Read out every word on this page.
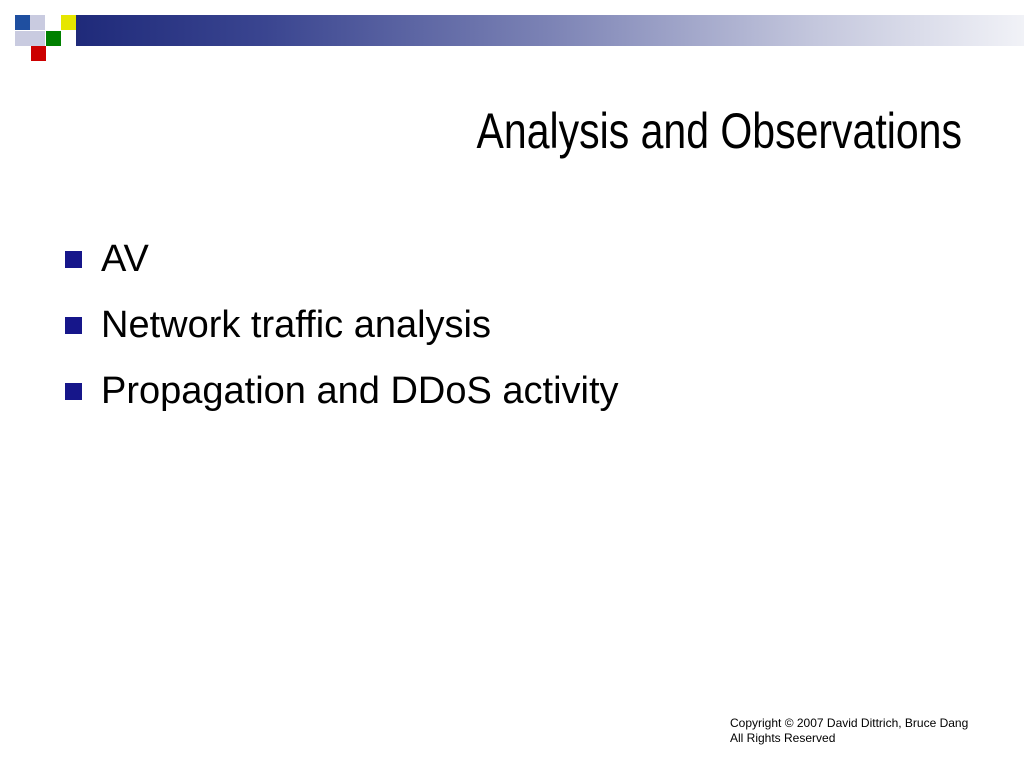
Analysis and Observations
AV
Network traffic analysis
Propagation and DDoS activity
Copyright © 2007 David Dittrich, Bruce Dang
All Rights Reserved
